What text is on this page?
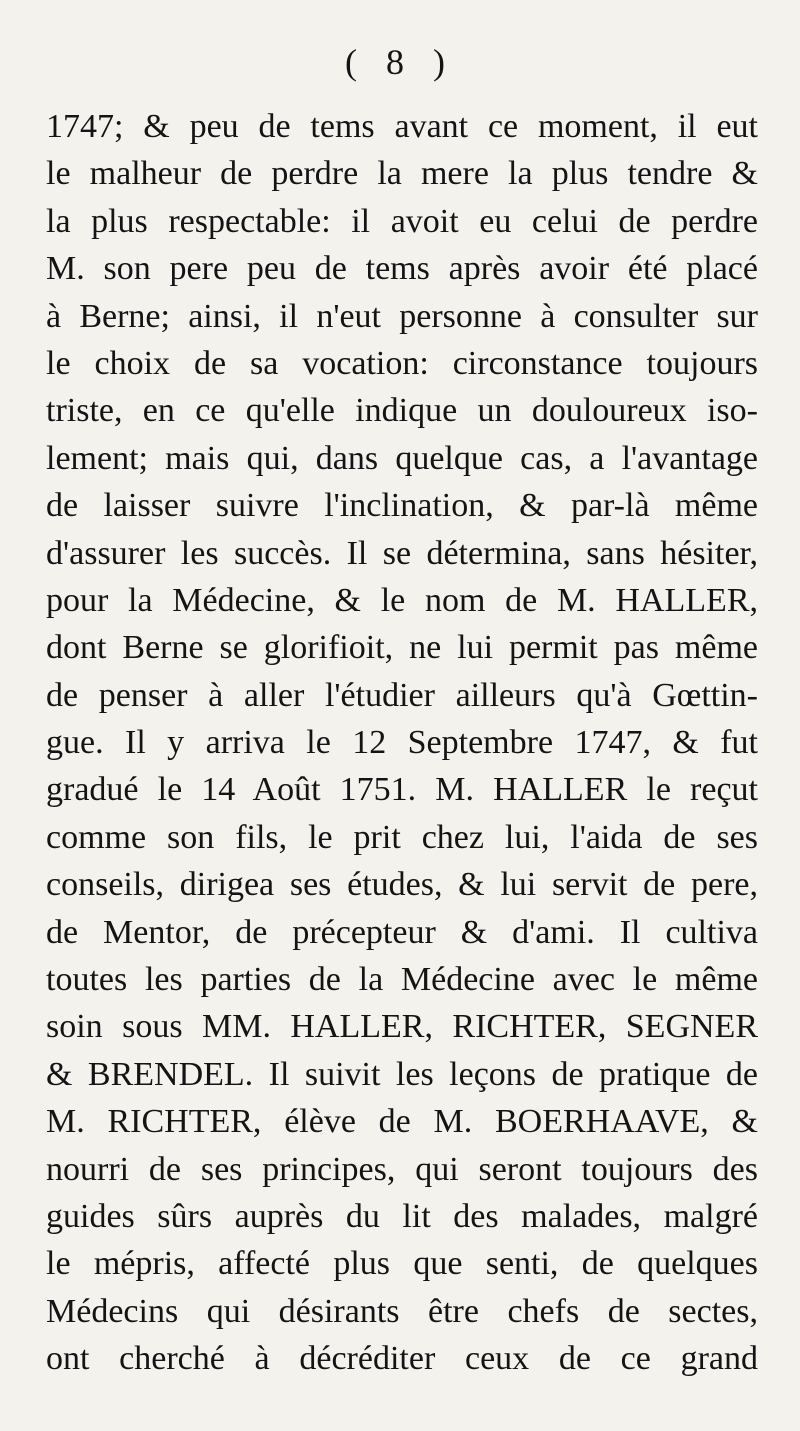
( 8 )
1747; & peu de tems avant ce moment, il eut
le malheur de perdre la mere la plus tendre &
la plus respectable: il avoit eu celui de perdre
M. son pere peu de tems après avoir été placé
à Berne; ainsi, il n'eut personne à consulter sur
le choix de sa vocation: circonstance toujours
triste, en ce qu'elle indique un douloureux iso-
lement; mais qui, dans quelque cas, a l'avantage
de laisser suivre l'inclination, & par-là même
d'assurer les succès. Il se détermina, sans hésiter,
pour la Médecine, & le nom de M. HALLER,
dont Berne se glorifioit, ne lui permit pas même
de penser à aller l'étudier ailleurs qu'à Gœttin-
gue. Il y arriva le 12 Septembre 1747, & fut
gradué le 14 Août 1751. M. HALLER le reçut
comme son fils, le prit chez lui, l'aida de ses
conseils, dirigea ses études, & lui servit de pere,
de Mentor, de précepteur & d'ami. Il cultiva
toutes les parties de la Médecine avec le même
soin sous MM. HALLER, RICHTER, SEGNER
& BRENDEL. Il suivit les leçons de pratique de
M. RICHTER, élève de M. BOERHAAVE, &
nourri de ses principes, qui seront toujours des
guides sûrs auprès du lit des malades, malgré
le mépris, affecté plus que senti, de quelques
Médecins qui désirants être chefs de sectes,
ont cherché à décréditer ceux de ce grand
